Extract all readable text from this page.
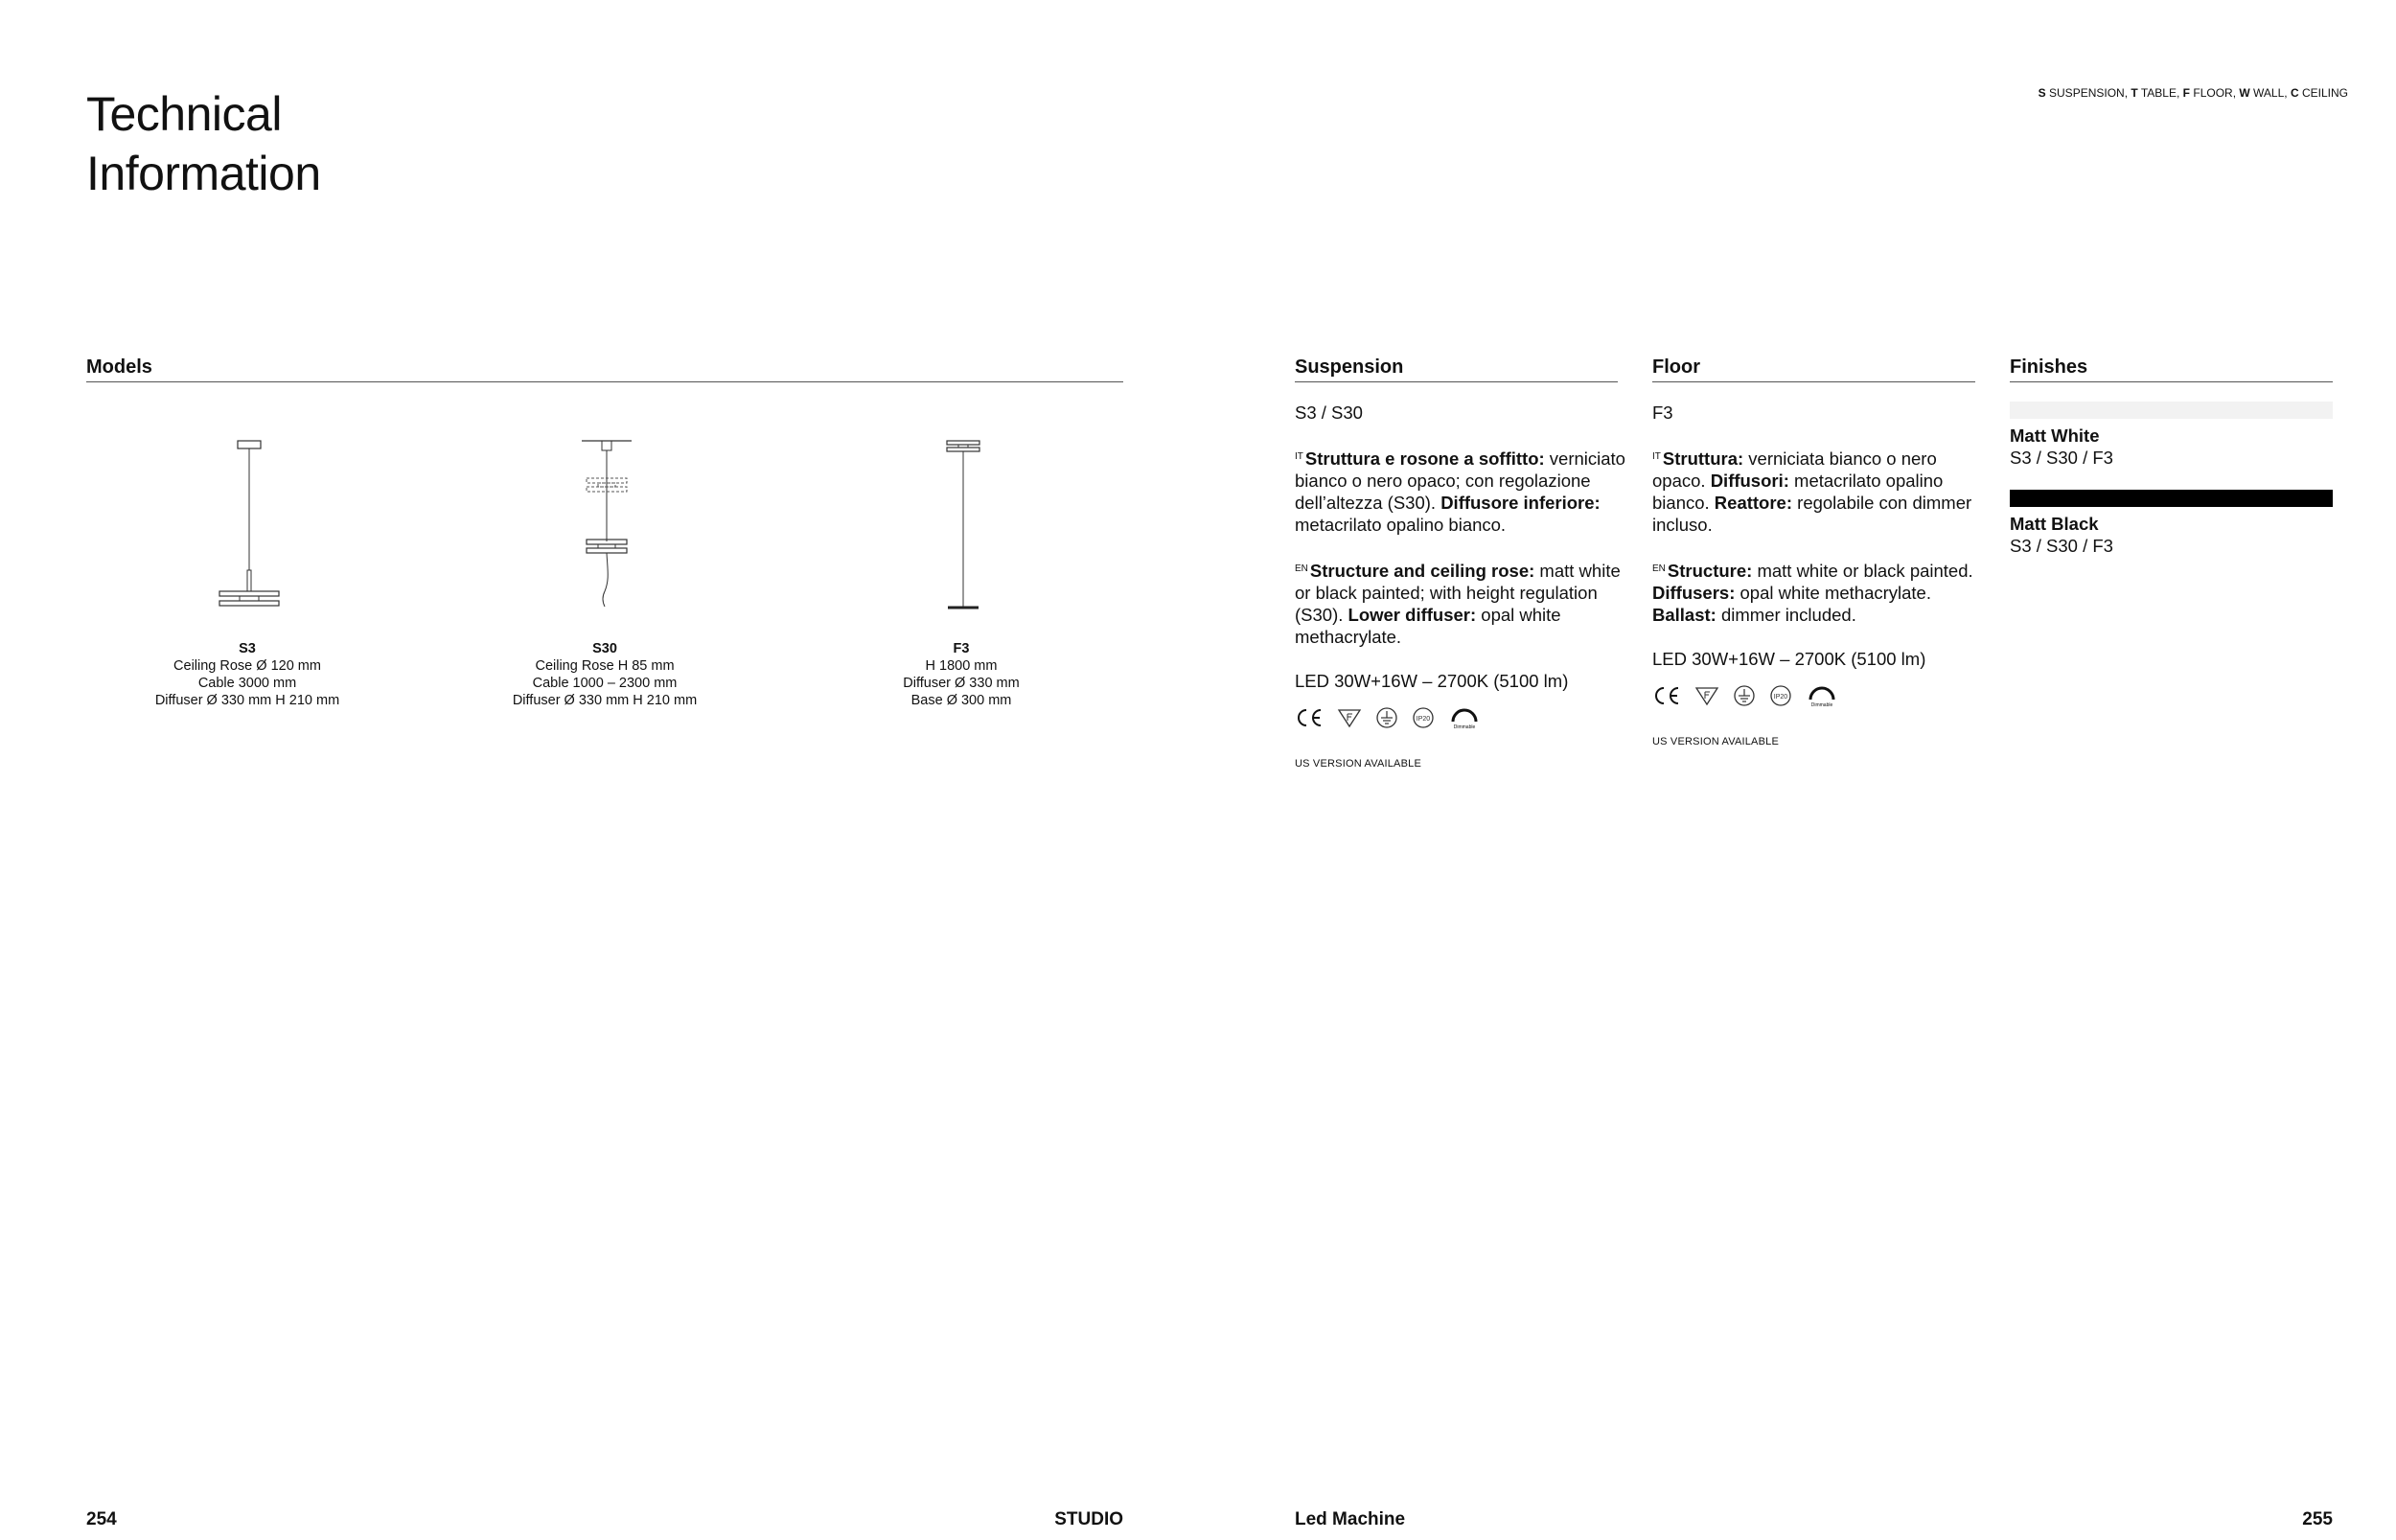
Technical
Information
S SUSPENSION, T TABLE, F FLOOR, W WALL, C CEILING
Models	Suspension	Floor	Finishes
S3
Ceiling Rose Ø 120 mm
Cable 3000 mm
Diffuser Ø 330 mm H 210 mm
S30
Ceiling Rose H 85 mm
Cable 1000 – 2300 mm
Diffuser Ø 330 mm H 210 mm
F3
H 1800 mm
Diffuser Ø 330 mm
Base Ø 300 mm

S3 / S30

$^{IT}$ Struttura e rosone a soffitto: verniciato bianco o nero opaco; con regolazione dell’altezza (S30). Diffusore inferiore: metacrilato opalino bianco.

$^{EN}$ Structure and ceiling rose: matt white or black painted; with height regulation (S30). Lower diffuser: opal white methacrylate.

LED 30W+16W – 2700K (5100 lm)

IP20
Dimmable
US VERSION AVAILABLE

F3

$^{IT}$ Struttura: verniciata bianco o nero opaco. Diffusori: metacrilato opalino bianco. Reattore: regolabile con dimmer incluso.

$^{EN}$ Structure: matt white or black painted. Diffusers: opal white methacrylate. Ballast: dimmer included.

LED 30W+16W – 2700K (5100 lm)

IP20
Dimmable
US VERSION AVAILABLE
Matt White
S3 / S30 / F3
Matt Black
S3 / S30 / F3
254	STUDIO	Led Machine	255
